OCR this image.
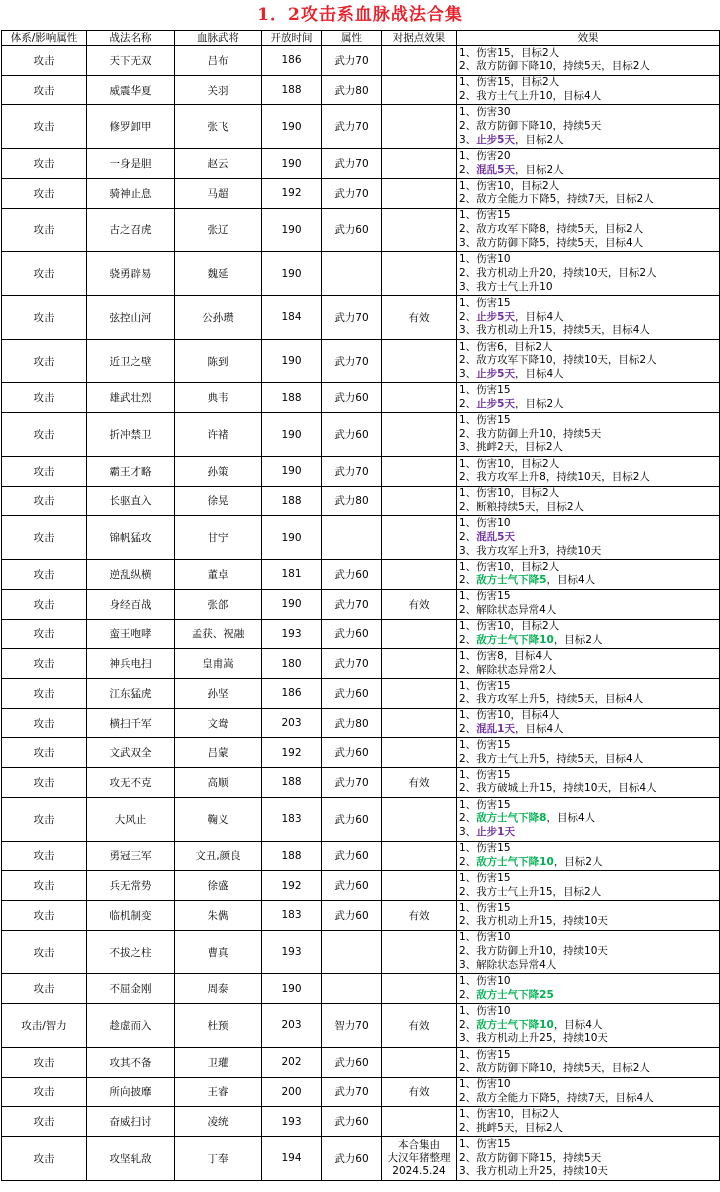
1．2攻击系血脉战法合集
体系/影响属性	战法名称	血脉武将	开放时间	属性	对据点效果	效果
攻击	天下无双	吕布	186	武力70		1、伤害15，目标2人
2、敌方防御下降10，持续5天，目标2人

攻击	威震华夏	关羽	188	武力80		1、伤害15，目标2人
2、我方士气上升10，目标4人

攻击	修罗卸甲	张飞	190	武力70		1、伤害30
2、敌方防御下降10，持续5天
3、止步5天，目标2人

攻击	一身是胆	赵云	190	武力70		1、伤害20
2、混乱5天，目标2人

攻击	骑神止息	马超	192	武力70		1、伤害10，目标2人
2、敌方全能力下降5，持续7天，目标2人

攻击	古之召虎	张辽	190	武力60		1、伤害15
2、敌方攻军下降8，持续5天，目标2人
3、敌方防御下降5，持续5天，目标4人

攻击	骁勇辟易	魏延	190			1、伤害10
2、我方机动上升20，持续10天，目标2人
3、我方士气上升10

攻击	弦控山河	公孙瓒	184	武力70	有效	1、伤害15
2、止步5天，目标4人
3、我方机动上升15，持续5天，目标4人

攻击	近卫之壁	陈到	190	武力70		1、伤害6，目标2人
2、敌方攻军下降10，持续10天，目标2人
3、止步5天，目标4人

攻击	雄武壮烈	典韦	188	武力60		1、伤害15
2、止步5天，目标2人

攻击	折冲禁卫	许褚	190	武力60		1、伤害15
2、我方防御上升10，持续5天
3、挑衅2天，目标2人

攻击	霸王才略	孙策	190	武力70		1、伤害10，目标2人
2、我方攻军上升8，持续10天，目标2人

攻击	长驱直入	徐晃	188	武力80		1、伤害10，目标2人
2、断粮持续5天，目标2人

攻击	锦帆猛攻	甘宁	190			1、伤害10
2、混乱5天
3、我方攻军上升3，持续10天

攻击	逆乱纵横	董卓	181	武力60		1、伤害10，目标2人
2、敌方士气下降5，目标4人

攻击	身经百战	张郃	190	武力70	有效	1、伤害15
2、解除状态异常4人

攻击	蛮王咆哮	孟获、祝融	193	武力60		1、伤害10，目标2人
2、敌方士气下降10，目标2人

攻击	神兵电扫	皇甫嵩	180	武力70		1、伤害8，目标4人
2、解除状态异常2人

攻击	江东猛虎	孙坚	186	武力60		1、伤害15
2、我方攻军上升5，持续5天，目标4人

攻击	横扫千军	文鸯	203	武力80		1、伤害10，目标4人
2、混乱1天，目标4人

攻击	文武双全	吕蒙	192	武力60		1、伤害15
2、我方士气上升5，持续5天，目标4人

攻击	攻无不克	高顺	188	武力70	有效	1、伤害15
2、我方破城上升15，持续10天，目标4人

攻击	大风止	鞠义	183	武力60		1、伤害15
2、敌方士气下降8，目标4人
3、止步1天

攻击	勇冠三军	文丑,颜良	188	武力60		1、伤害15
2、敌方士气下降10，目标2人

攻击	兵无常势	徐盛	192	武力60		1、伤害15
2、我方士气上升15，目标2人

攻击	临机制变	朱儁	183	武力60	有效	1、伤害15
2、我方机动上升15，持续10天

攻击	不拔之柱	曹真	193			1、伤害10
2、我方防御上升10，持续10天
3、解除状态异常4人

攻击	不屈金刚	周泰	190			1、伤害10
2、敌方士气下降25

攻击/智力	趁虚而入	杜预	203	智力70	有效	1、伤害10
2、敌方士气下降10，目标4人
3、我方机动上升25，持续10天

攻击	攻其不备	卫瓘	202	武力60		1、伤害15
2、敌方防御下降10，持续5天，目标2人

攻击	所向披靡	王睿	200	武力70	有效	1、伤害10
2、敌方全能力下降5，持续7天，目标4人

攻击	奋威扫讨	凌统	193	武力60		1、伤害10，目标2人
2、挑衅5天，目标2人

攻击	攻坚轧敌	丁奉	194	武力60	本合集由
大汉年猪整理
2024.5.24	1、伤害15
2、敌方防御下降15，持续5天
3、我方机动上升25，持续10天
